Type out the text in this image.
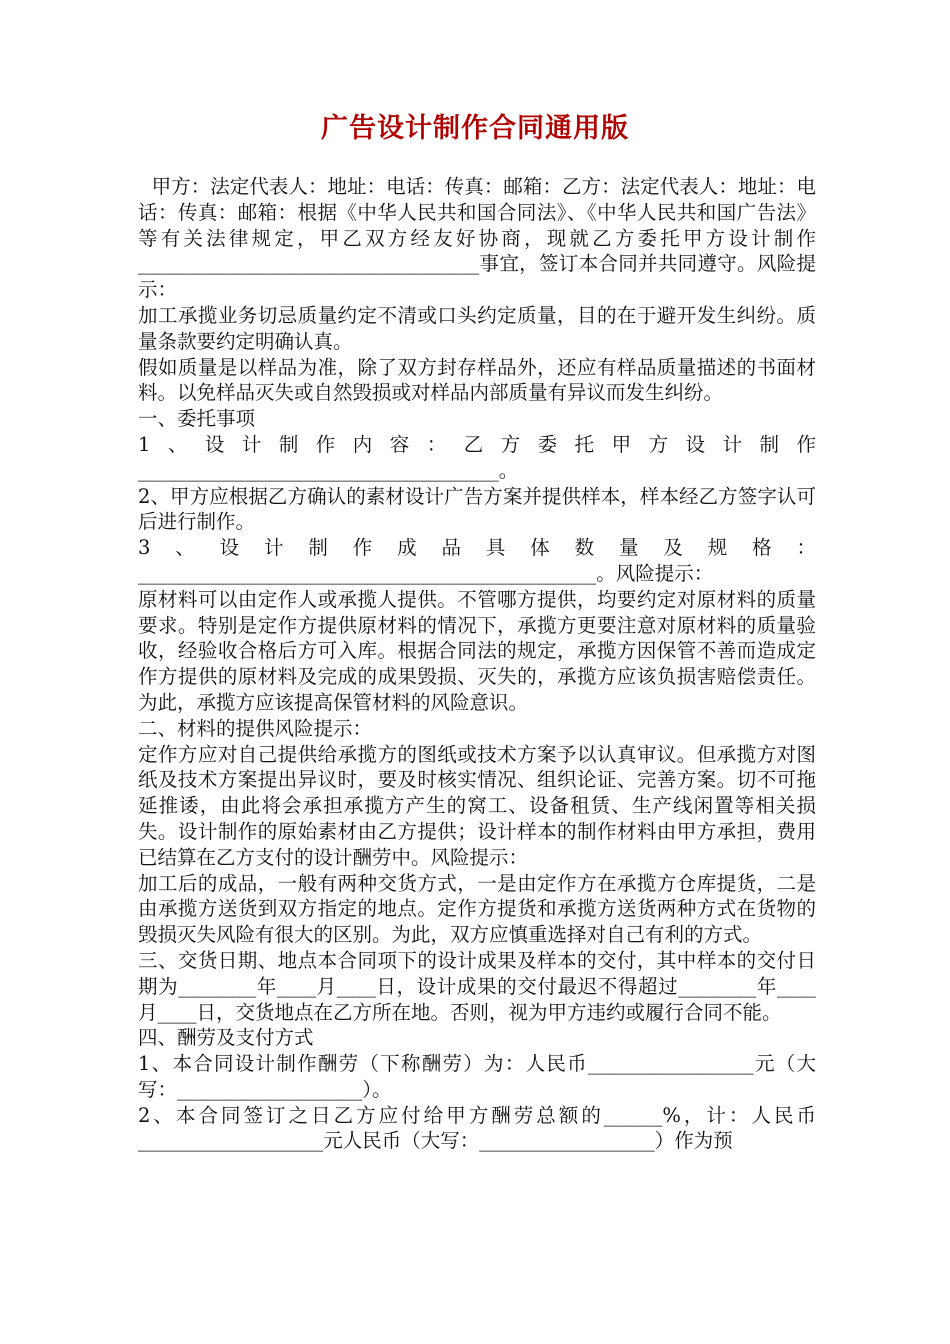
广告设计制作合同通用版

甲方：法定代表人：地址：电话：传真：邮箱：乙方：法定代表人：地址：电话：传真：邮箱：根据《中华人民共和国合同法》、《中华人民共和国广告法》等有关法律规定，甲乙双方经友好协商，现就乙方委托甲方设计制作___________________________________事宜，签订本合同并共同遵守。风险提示：

加工承揽业务切忌质量约定不清或口头约定质量，目的在于避开发生纠纷。质量条款要约定明确认真。

假如质量是以样品为准，除了双方封存样品外，还应有样品质量描述的书面材料。以免样品灭失或自然毁损或对样品内部质量有异议而发生纠纷。

一、委托事项

1、设计制作内容：乙方委托甲方设计制作_____________________________________。

2、甲方应根据乙方确认的素材设计广告方案并提供样本，样本经乙方签字认可后进行制作。

3、设计制作成品具体数量及规格：_______________________________________________。风险提示：

原材料可以由定作人或承揽人提供。不管哪方提供，均要约定对原材料的质量要求。特别是定作方提供原材料的情况下，承揽方更要注意对原材料的质量验收，经验收合格后方可入库。根据合同法的规定，承揽方因保管不善而造成定作方提供的原材料及完成的成果毁损、灭失的，承揽方应该负损害赔偿责任。为此，承揽方应该提高保管材料的风险意识。

二、材料的提供风险提示：

定作方应对自己提供给承揽方的图纸或技术方案予以认真审议。但承揽方对图纸及技术方案提出异议时，要及时核实情况、组织论证、完善方案。切不可拖延推诿，由此将会承担承揽方产生的窝工、设备租赁、生产线闲置等相关损失。设计制作的原始素材由乙方提供；设计样本的制作材料由甲方承担，费用已结算在乙方支付的设计酬劳中。风险提示：

加工后的成品，一般有两种交货方式，一是由定作方在承揽方仓库提货，二是由承揽方送货到双方指定的地点。定作方提货和承揽方送货两种方式在货物的毁损灭失风险有很大的区别。为此，双方应慎重选择对自己有利的方式。

三、交货日期、地点本合同项下的设计成果及样本的交付，其中样本的交付日期为________年____月____日，设计成果的交付最迟不得超过________年____月____日，交货地点在乙方所在地。否则，视为甲方违约或履行合同不能。

四、酬劳及支付方式

1、本合同设计制作酬劳（下称酬劳）为：人民币_________________元（大写：___________________）。

2、本合同签订之日乙方应付给甲方酬劳总额的______%，计：人民币___________________元人民币（大写：__________________）作为预
